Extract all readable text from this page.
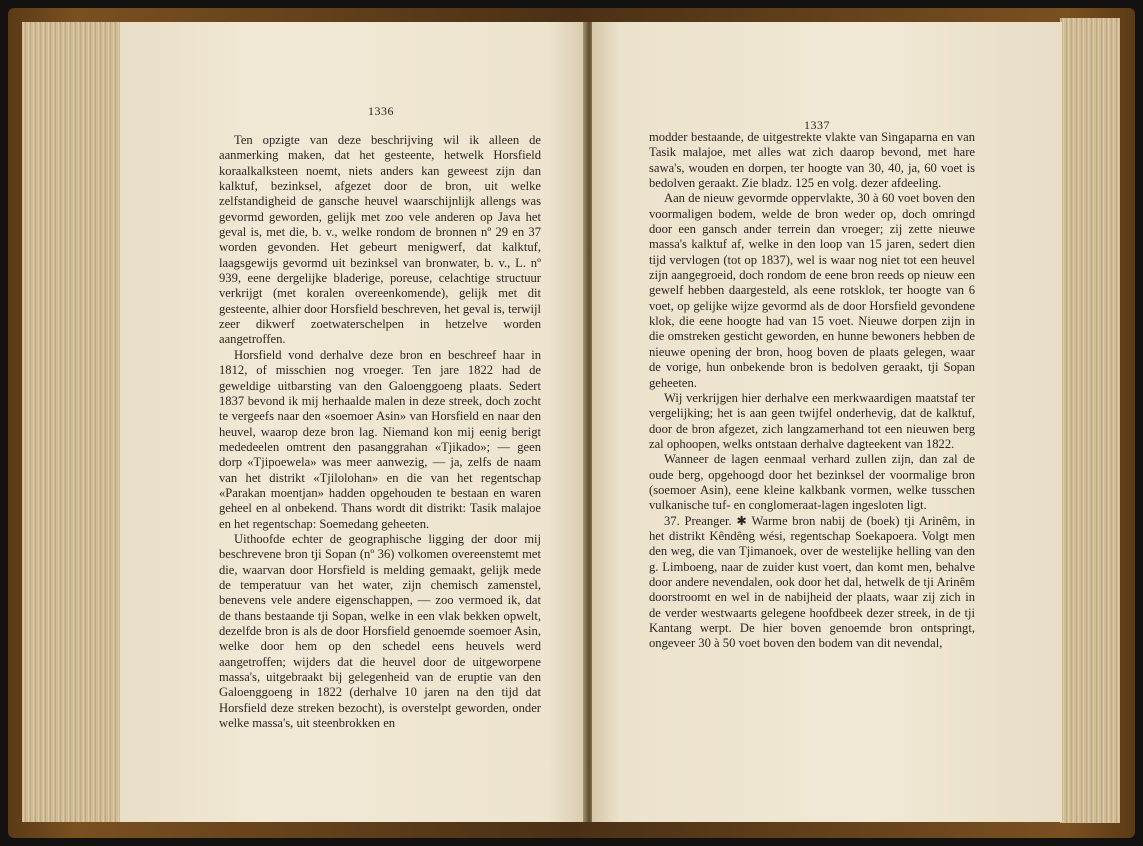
1336

Ten opzigte van deze beschrijving wil ik alleen de aanmerking maken, dat het gesteente, hetwelk Horsfield koraalkalksteen noemt, niets anders kan geweest zijn dan kalktuf, bezinksel, afgezet door de bron, uit welke zelfstandigheid de gansche heuvel waarschijnlijk allengs was gevormd geworden, gelijk met zoo vele anderen op Java het geval is, met die, b. v., welke rondom de bronnen nº 29 en 37 worden gevonden. Het gebeurt menigwerf, dat kalktuf, laagsgewijs gevormd uit bezinksel van bronwater, b. v., L. nº 939, eene dergelijke bladerige, poreuse, celachtige structuur verkrijgt (met koralen overeenkomende), gelijk met dit gesteente, alhier door Horsfield beschreven, het geval is, terwijl zeer dikwerf zoetwaterschelpen in hetzelve worden aangetroffen.

Horsfield vond derhalve deze bron en beschreef haar in 1812, of misschien nog vroeger. Ten jare 1822 had de geweldige uitbarsting van den Galoenggoeng plaats. Sedert 1837 bevond ik mij herhaalde malen in deze streek, doch zocht te vergeefs naar den «soemoer Asin» van Horsfield en naar den heuvel, waarop deze bron lag. Niemand kon mij eenig berigt mededeelen omtrent den pasanggrahan «Tjikado»; — geen dorp «Tjipoewela» was meer aanwezig, — ja, zelfs de naam van het distrikt «Tjilolohan» en die van het regentschap «Parakan moentjan» hadden opgehouden te bestaan en waren geheel en al onbekend. Thans wordt dit distrikt: Tasik malajoe en het regentschap: Soemedang geheeten.

Uithoofde echter de geographische ligging der door mij beschrevene bron tji Sopan (nº 36) volkomen overeenstemt met die, waarvan door Horsfield is melding gemaakt, gelijk mede de temperatuur van het water, zijn chemisch zamenstel, benevens vele andere eigenschappen, — zoo vermoed ik, dat de thans bestaande tji Sopan, welke in een vlak bekken opwelt, dezelfde bron is als de door Horsfield genoemde soemoer Asin, welke door hem op den schedel eens heuvels werd aangetroffen; wijders dat die heuvel door de uitgeworpene massa's, uitgebraakt bij gelegenheid van de eruptie van den Galoenggoeng in 1822 (derhalve 10 jaren na den tijd dat Horsfield deze streken bezocht), is overstelpt geworden, onder welke massa's, uit steenbrokken en

1337

modder bestaande, de uitgestrekte vlakte van Singaparna en van Tasik malajoe, met alles wat zich daarop bevond, met hare sawa's, wouden en dorpen, ter hoogte van 30, 40, ja, 60 voet is bedolven geraakt. Zie bladz. 125 en volg. dezer afdeeling.

Aan de nieuw gevormde oppervlakte, 30 à 60 voet boven den voormaligen bodem, welde de bron weder op, doch omringd door een gansch ander terrein dan vroeger; zij zette nieuwe massa's kalktuf af, welke in den loop van 15 jaren, sedert dien tijd vervlogen (tot op 1837), wel is waar nog niet tot een heuvel zijn aangegroeid, doch rondom de eene bron reeds op nieuw een gewelf hebben daargesteld, als eene rotsklok, ter hoogte van 6 voet, op gelijke wijze gevormd als de door Horsfield gevondene klok, die eene hoogte had van 15 voet. Nieuwe dorpen zijn in die omstreken gesticht geworden, en hunne bewoners hebben de nieuwe opening der bron, hoog boven de plaats gelegen, waar de vorige, hun onbekende bron is bedolven geraakt, tji Sopan geheeten.

Wij verkrijgen hier derhalve een merkwaardigen maatstaf ter vergelijking; het is aan geen twijfel onderhevig, dat de kalktuf, door de bron afgezet, zich langzamerhand tot een nieuwen berg zal ophoopen, welks ontstaan derhalve dagteekent van 1822.

Wanneer de lagen eenmaal verhard zullen zijn, dan zal de oude berg, opgehoogd door het bezinksel der voormalige bron (soemoer Asin), eene kleine kalkbank vormen, welke tusschen vulkanische tuf- en conglomeraat-lagen ingesloten ligt.

37. Preanger. ✱ Warme bron nabij de (boek) tji Arinêm, in het distrikt Kêndêng wési, regentschap Soekapoera. Volgt men den weg, die van Tjimanoek, over de westelijke helling van den g. Limboeng, naar de zuider kust voert, dan komt men, behalve door andere nevendalen, ook door het dal, hetwelk de tji Arinêm doorstroomt en wel in de nabijheid der plaats, waar zij zich in de verder westwaarts gelegene hoofdbeek dezer streek, in de tji Kantang werpt. De hier boven genoemde bron ontspringt, ongeveer 30 à 50 voet boven den bodem van dit nevendal,
